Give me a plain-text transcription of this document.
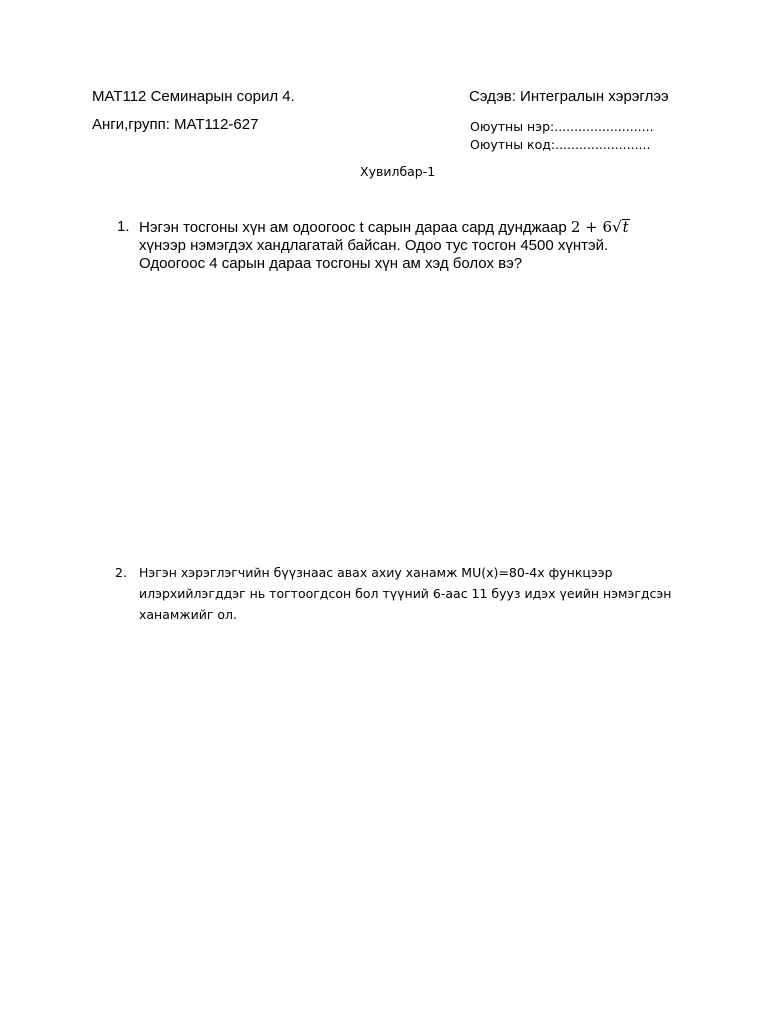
МАТ112 Семинарын сорил 4.	Сэдэв: Интегралын хэрэглээ
Анги,групп: МАТ112-627	Оюутны нэр:.........................
Оюутны код:........................
Хувилбар-1
1. Нэгэн тосгоны хүн ам одоогоос t сарын дараа сард дунджаар 2 + 6√t
хүнээр нэмэгдэх хандлагатай байсан. Одоо тус тосгон 4500 хүнтэй.
Одоогоос 4 сарын дараа тосгоны хүн ам хэд болох вэ?
2. Нэгэн хэрэглэгчийн бүүзнаас авах ахиу ханамж MU(x)=80-4x функцээр
илэрхийлэгддэг нь тогтоогдсон бол түүний 6-аас 11 бууз идэх үеийн нэмэгдсэн
ханамжийг ол.
